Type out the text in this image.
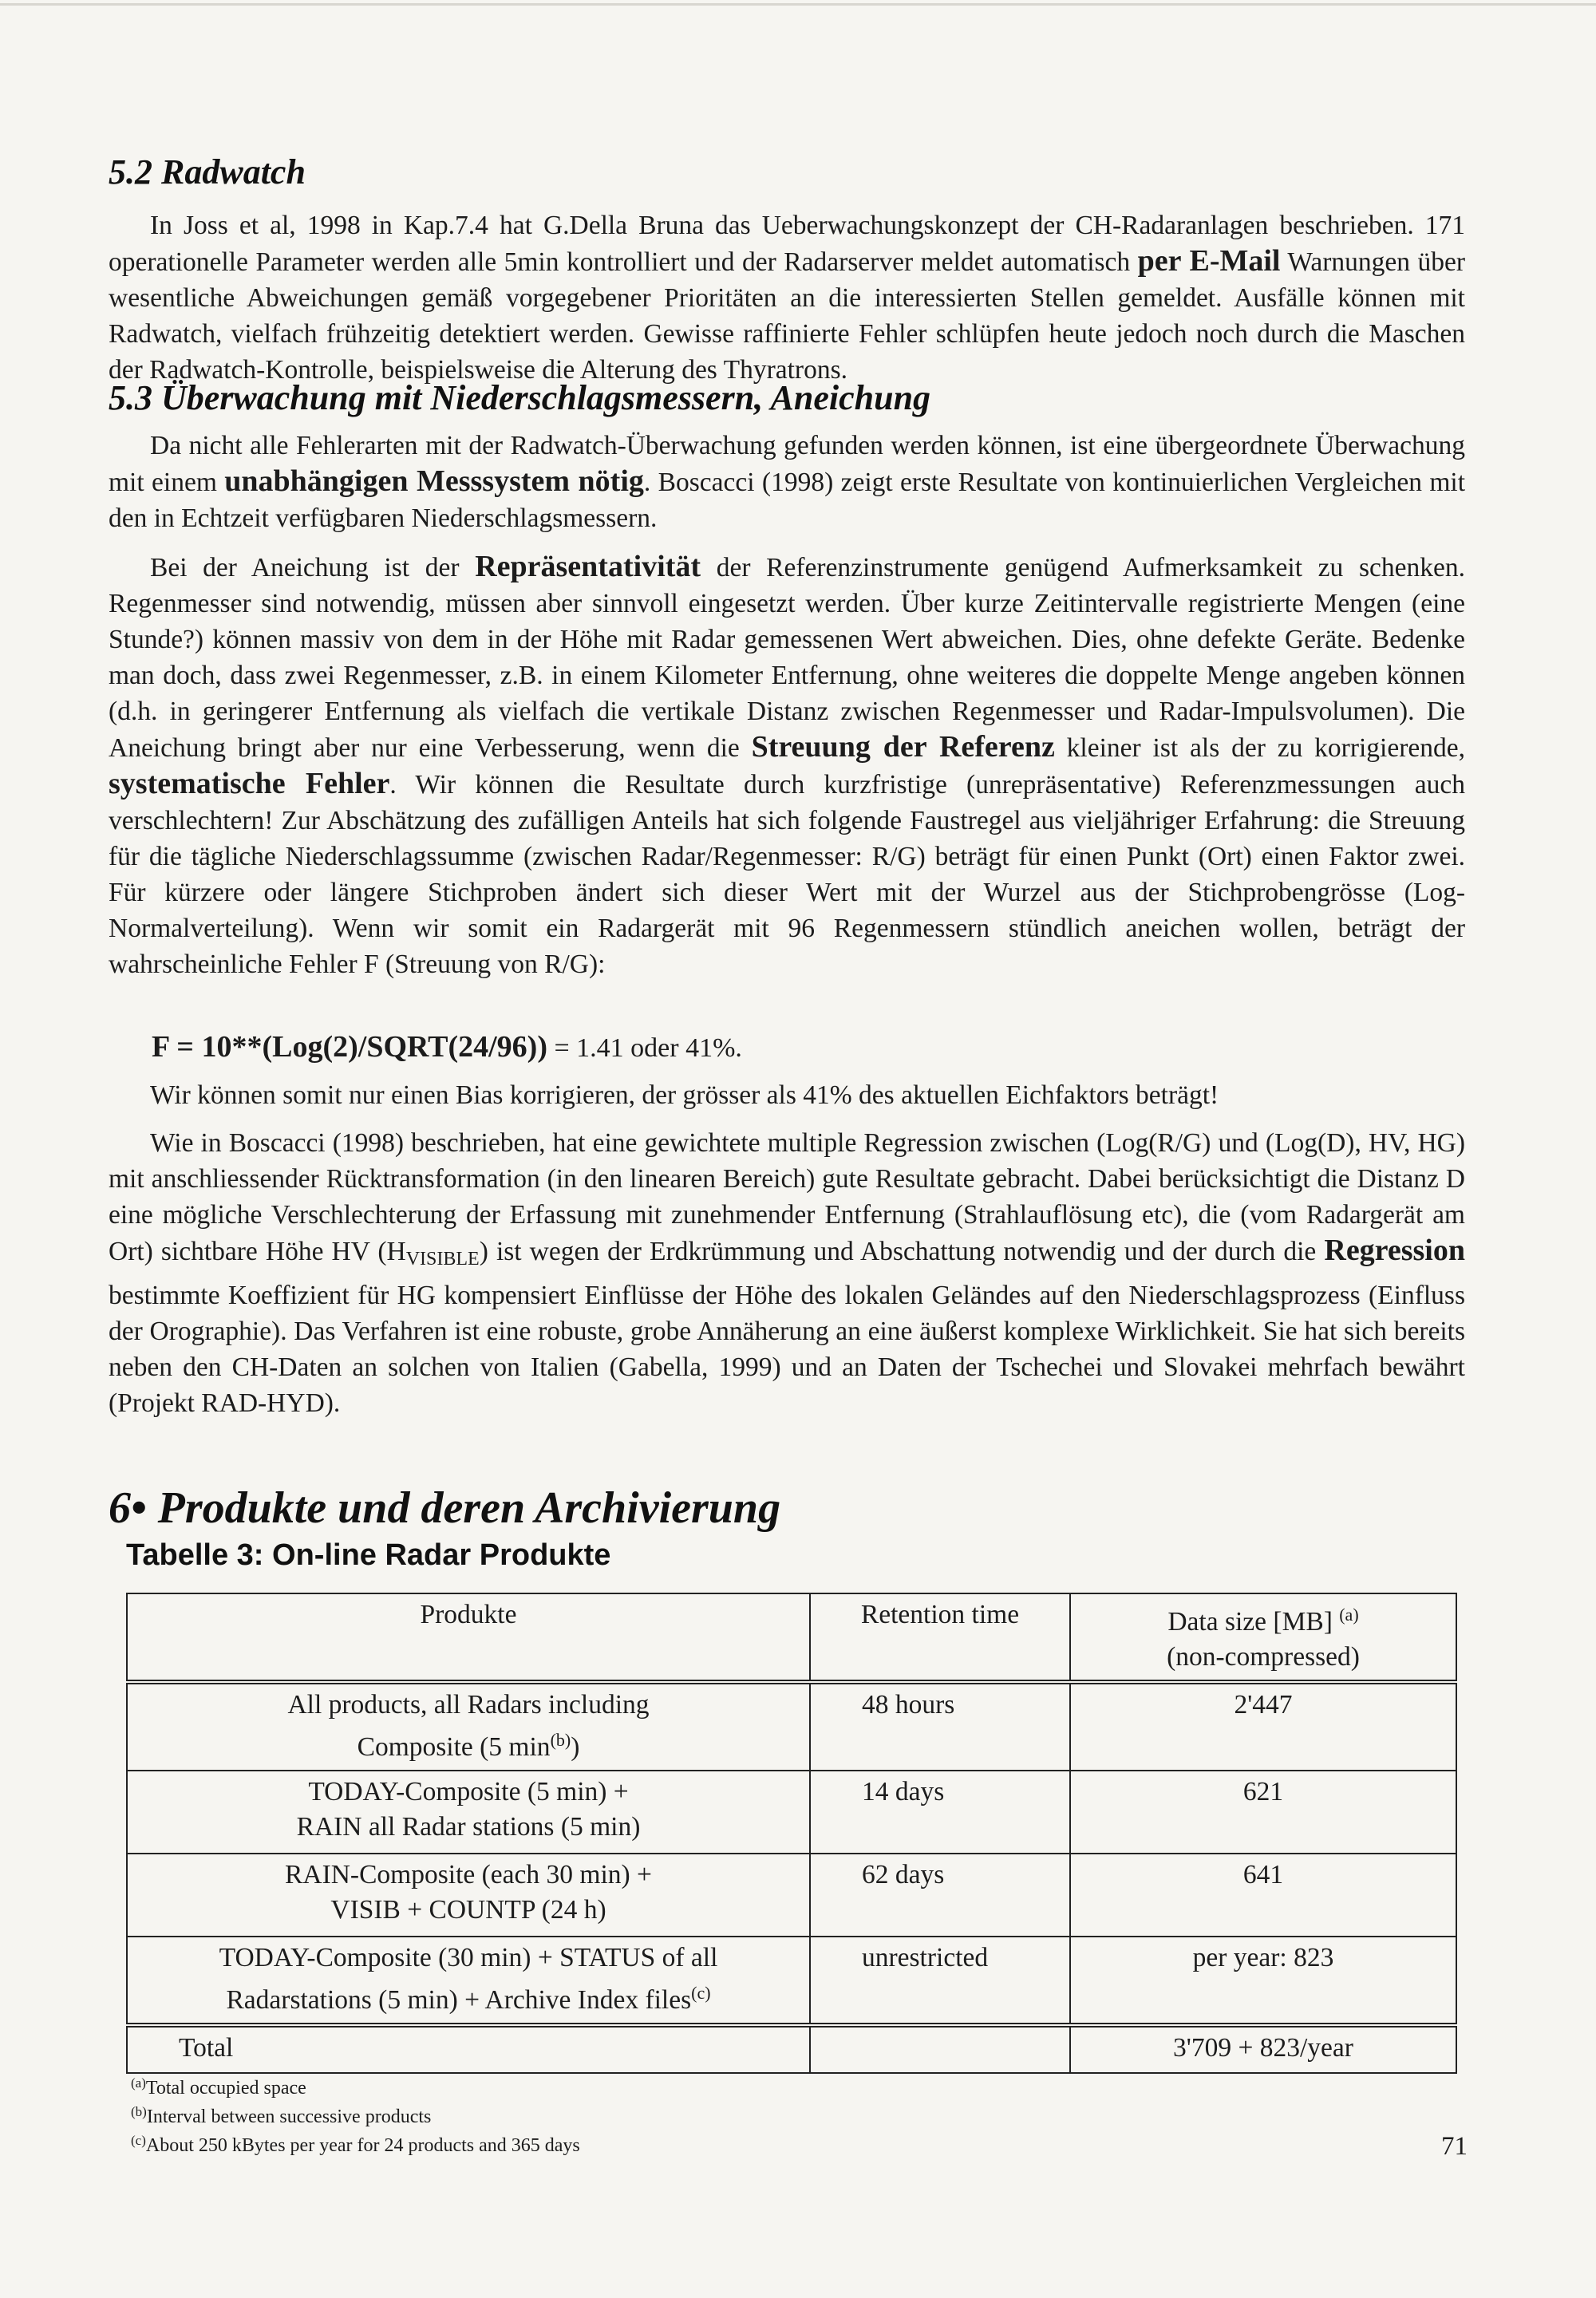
5.2 Radwatch

In Joss et al, 1998 in Kap.7.4 hat G.Della Bruna das Ueberwachungskonzept der CH-Radaranlagen beschrieben. 171 operationelle Parameter werden alle 5min kontrolliert und der Radarserver meldet automatisch per E-Mail Warnungen über wesentliche Abweichungen gemäß vorgegebener Prioritäten an die interessierten Stellen gemeldet. Ausfälle können mit Radwatch, vielfach frühzeitig detektiert werden. Gewisse raffinierte Fehler schlüpfen heute jedoch noch durch die Maschen der Radwatch-Kontrolle, beispielsweise die Alterung des Thyratrons.

5.3 Überwachung mit Niederschlagsmessern, Aneichung

Da nicht alle Fehlerarten mit der Radwatch-Überwachung gefunden werden können, ist eine übergeordnete Überwachung mit einem unabhängigen Messsystem nötig. Boscacci (1998) zeigt erste Resultate von kontinuierlichen Vergleichen mit den in Echtzeit verfügbaren Niederschlagsmessern.

Bei der Aneichung ist der Repräsentativität der Referenzinstrumente genügend Aufmerksamkeit zu schenken. Regenmesser sind notwendig, müssen aber sinnvoll eingesetzt werden. Über kurze Zeitintervalle registrierte Mengen (eine Stunde?) können massiv von dem in der Höhe mit Radar gemessenen Wert abweichen. Dies, ohne defekte Geräte. Bedenke man doch, dass zwei Regenmesser, z.B. in einem Kilometer Entfernung, ohne weiteres die doppelte Menge angeben können (d.h. in geringerer Entfernung als vielfach die vertikale Distanz zwischen Regenmesser und Radar-Impulsvolumen). Die Aneichung bringt aber nur eine Verbesserung, wenn die Streuung der Referenz kleiner ist als der zu korrigierende, systematische Fehler. Wir können die Resultate durch kurzfristige (unrepräsentative) Referenzmessungen auch verschlechtern! Zur Abschätzung des zufälligen Anteils hat sich folgende Faustregel aus vieljähriger Erfahrung: die Streuung für die tägliche Niederschlagssumme (zwischen Radar/Regenmesser: R/G) beträgt für einen Punkt (Ort) einen Faktor zwei. Für kürzere oder längere Stichproben ändert sich dieser Wert mit der Wurzel aus der Stichprobengrösse (Log-Normalverteilung). Wenn wir somit ein Radargerät mit 96 Regenmessern stündlich aneichen wollen, beträgt der wahrscheinliche Fehler F (Streuung von R/G):

F = 10**(Log(2)/SQRT(24/96)) = 1.41 oder 41%.

Wir können somit nur einen Bias korrigieren, der grösser als 41% des aktuellen Eichfaktors beträgt!

Wie in Boscacci (1998) beschrieben, hat eine gewichtete multiple Regression zwischen (Log(R/G) und (Log(D), HV, HG) mit anschliessender Rücktransformation (in den linearen Bereich) gute Resultate gebracht. Dabei berücksichtigt die Distanz D eine mögliche Verschlechterung der Erfassung mit zunehmender Entfernung (Strahlauflösung etc), die (vom Radargerät am Ort) sichtbare Höhe HV $(H_{VISIBLE})$ ist wegen der Erdkrümmung und Abschattung notwendig und der durch die Regression bestimmte Koeffizient für HG kompensiert Einflüsse der Höhe des lokalen Geländes auf den Niederschlagsprozess (Einfluss der Orographie). Das Verfahren ist eine robuste, grobe Annäherung an eine äußerst komplexe Wirklichkeit. Sie hat sich bereits neben den CH-Daten an solchen von Italien (Gabella, 1999) und an Daten der Tschechei und Slovakei mehrfach bewährt (Projekt RAD-HYD).

6• Produkte und deren Archivierung

Tabelle 3: On-line Radar Produkte

Produkte	Retention time	Data size [MB] $^{(a)}$
(non-compressed)
All products, all Radars including
Composite (5 $\min^{(b)}$)	48 hours	2'447
TODAY-Composite (5 min) +
RAIN all Radar stations (5 min)	14 days	621
RAIN-Composite (each 30 min) +
VISIB + COUNTP (24 h)	62 days	641
TODAY-Composite (30 min) + STATUS of all
Radarstations (5 min) + Archive Index files$^{(c)}$	unrestricted	per year: 823
Total		3'709 + 823/year
$^{(a)}$Total occupied space
$^{(b)}$Interval between successive products
$^{(c)}$About 250 kBytes per year for 24 products and 365 days	71
